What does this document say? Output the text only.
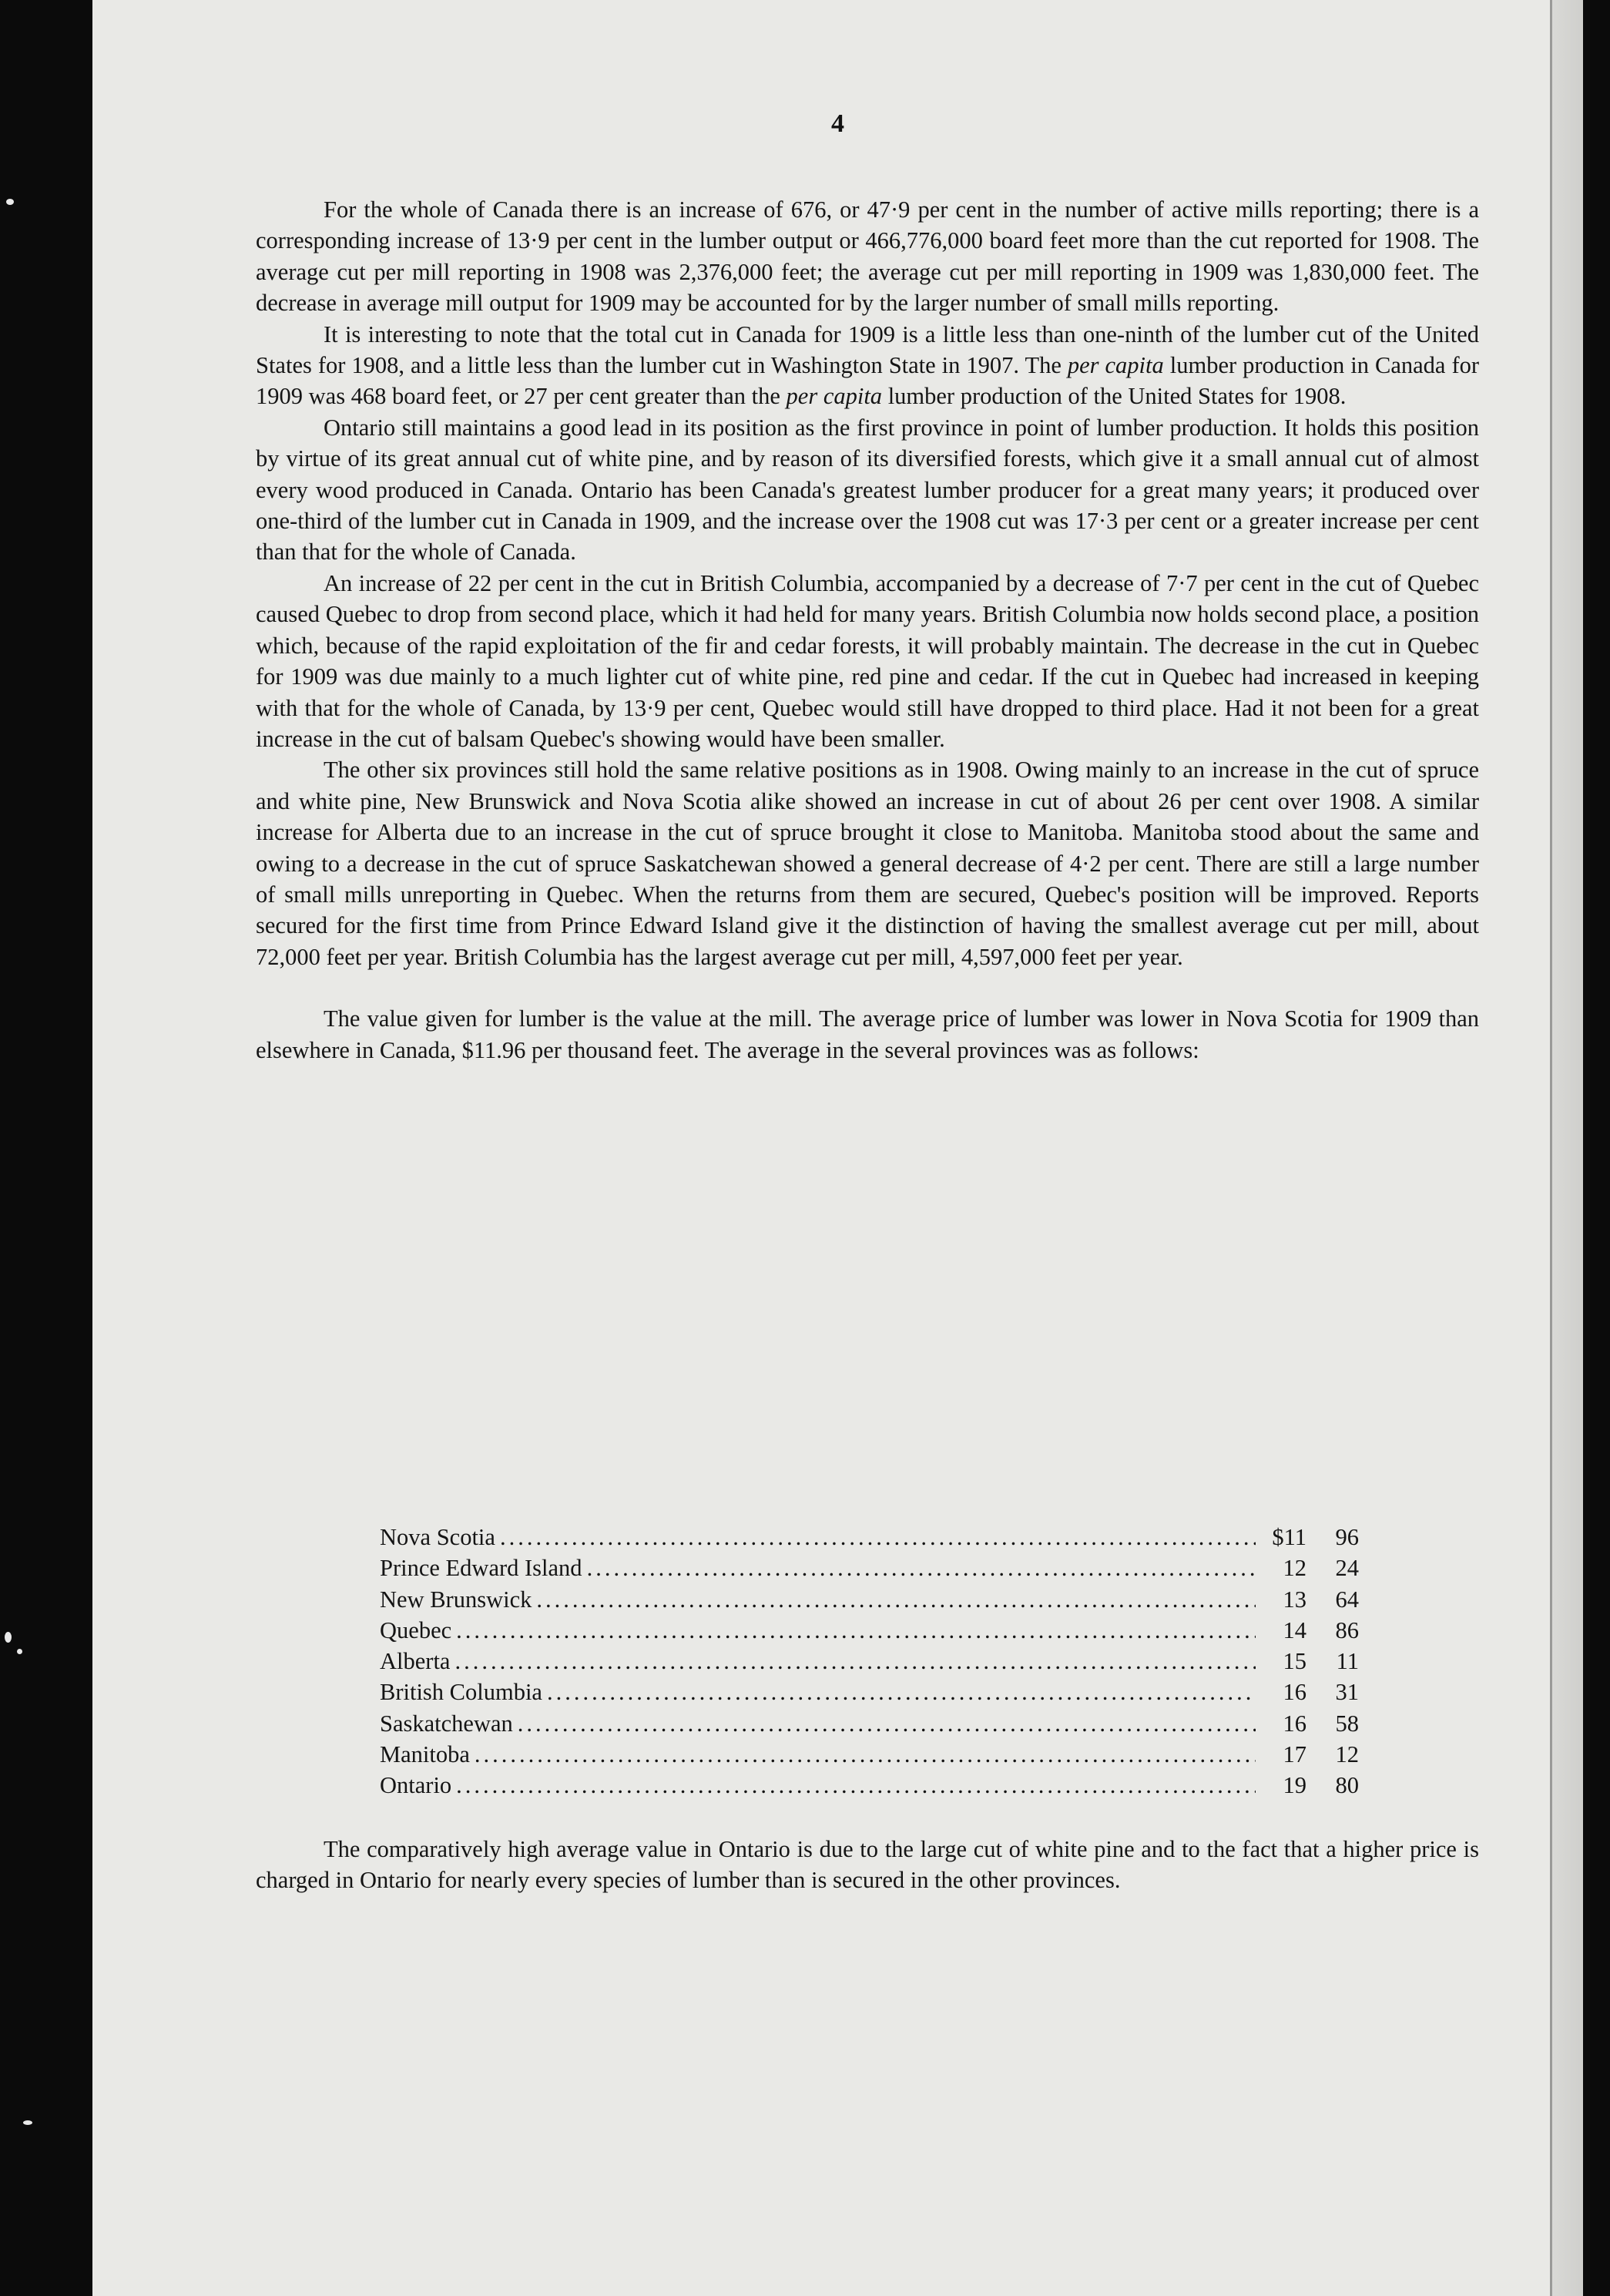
4

For the whole of Canada there is an increase of 676, or 47·9 per cent in the number of active mills reporting; there is a corresponding increase of 13·9 per cent in the lumber output or 466,776,000 board feet more than the cut reported for 1908. The average cut per mill reporting in 1908 was 2,376,000 feet; the average cut per mill reporting in 1909 was 1,830,000 feet. The decrease in average mill output for 1909 may be accounted for by the larger number of small mills reporting.

It is interesting to note that the total cut in Canada for 1909 is a little less than one-ninth of the lumber cut of the United States for 1908, and a little less than the lumber cut in Washington State in 1907. The per capita lumber production in Canada for 1909 was 468 board feet, or 27 per cent greater than the per capita lumber production of the United States for 1908.

Ontario still maintains a good lead in its position as the first province in point of lumber production. It holds this position by virtue of its great annual cut of white pine, and by reason of its diversified forests, which give it a small annual cut of almost every wood produced in Canada. Ontario has been Canada's greatest lumber producer for a great many years; it produced over one-third of the lumber cut in Canada in 1909, and the increase over the 1908 cut was 17·3 per cent or a greater increase per cent than that for the whole of Canada.

An increase of 22 per cent in the cut in British Columbia, accompanied by a decrease of 7·7 per cent in the cut of Quebec caused Quebec to drop from second place, which it had held for many years. British Columbia now holds second place, a position which, because of the rapid exploitation of the fir and cedar forests, it will probably maintain. The decrease in the cut in Quebec for 1909 was due mainly to a much lighter cut of white pine, red pine and cedar. If the cut in Quebec had increased in keeping with that for the whole of Canada, by 13·9 per cent, Quebec would still have dropped to third place. Had it not been for a great increase in the cut of balsam Quebec's showing would have been smaller.

The other six provinces still hold the same relative positions as in 1908. Owing mainly to an increase in the cut of spruce and white pine, New Brunswick and Nova Scotia alike showed an increase in cut of about 26 per cent over 1908. A similar increase for Alberta due to an increase in the cut of spruce brought it close to Manitoba. Manitoba stood about the same and owing to a decrease in the cut of spruce Saskatchewan showed a general decrease of 4·2 per cent. There are still a large number of small mills unreporting in Quebec. When the returns from them are secured, Quebec's position will be improved. Reports secured for the first time from Prince Edward Island give it the distinction of having the smallest average cut per mill, about 72,000 feet per year. British Columbia has the largest average cut per mill, 4,597,000 feet per year.

The value given for lumber is the value at the mill. The average price of lumber was lower in Nova Scotia for 1909 than elsewhere in Canada, $11.96 per thousand feet. The average in the several provinces was as follows:

Nova Scotia .....	$11	96
Prince Edward Island .....	12	24
New Brunswick .....	13	64
Quebec .....	14	86
Alberta .....	15	11
British Columbia .....	16	31
Saskatchewan .....	16	58
Manitoba .....	17	12
Ontario .....	19	80

The comparatively high average value in Ontario is due to the large cut of white pine and to the fact that a higher price is charged in Ontario for nearly every species of lumber than is secured in the other provinces.
